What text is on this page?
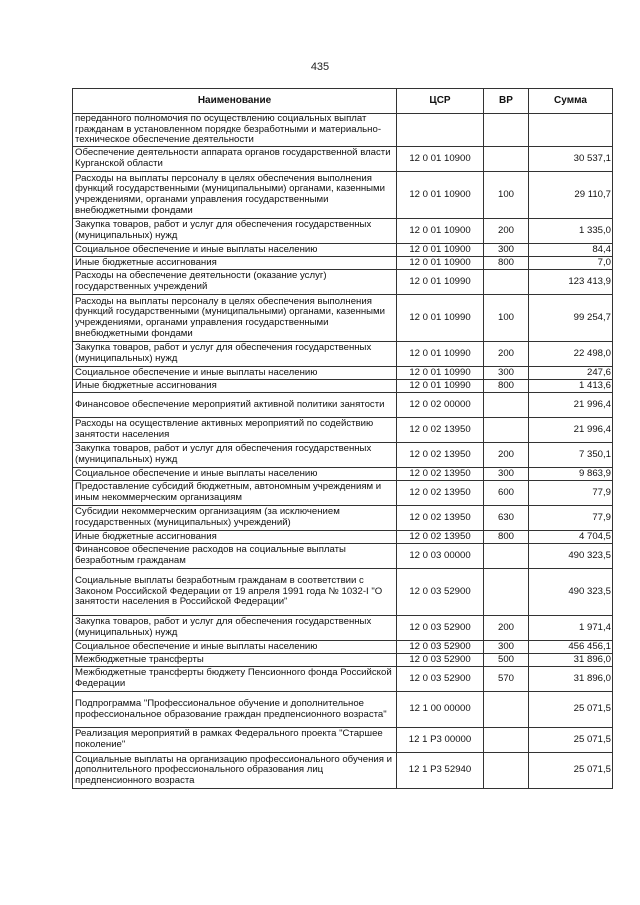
435
Наименование	ЦСР	ВР	Сумма
переданного полномочия по осуществлению социальных выплат гражданам в установленном порядке безработными и материально-техническое обеспечение деятельности			
Обеспечение деятельности аппарата органов государственной власти Курганской области	12 0 01 10900		30 537,1
Расходы на выплаты персоналу в целях обеспечения выполнения функций государственными (муниципальными) органами, казенными учреждениями, органами управления государственными внебюджетными фондами	12 0 01 10900	100	29 110,7
Закупка товаров, работ и услуг для обеспечения государственных (муниципальных) нужд	12 0 01 10900	200	1 335,0
Социальное обеспечение и иные выплаты населению	12 0 01 10900	300	84,4
Иные бюджетные ассигнования	12 0 01 10900	800	7,0
Расходы на обеспечение деятельности (оказание услуг) государственных учреждений	12 0 01 10990		123 413,9
Расходы на выплаты персоналу в целях обеспечения выполнения функций государственными (муниципальными) органами, казенными учреждениями, органами управления государственными внебюджетными фондами	12 0 01 10990	100	99 254,7
Закупка товаров, работ и услуг для обеспечения государственных (муниципальных) нужд	12 0 01 10990	200	22 498,0
Социальное обеспечение и иные выплаты населению	12 0 01 10990	300	247,6
Иные бюджетные ассигнования	12 0 01 10990	800	1 413,6
Финансовое обеспечение мероприятий активной политики занятости	12 0 02 00000		21 996,4
Расходы на осуществление активных мероприятий по содействию занятости населения	12 0 02 13950		21 996,4
Закупка товаров, работ и услуг для обеспечения государственных (муниципальных) нужд	12 0 02 13950	200	7 350,1
Социальное обеспечение и иные выплаты населению	12 0 02 13950	300	9 863,9
Предоставление субсидий бюджетным, автономным учреждениям и иным некоммерческим организациям	12 0 02 13950	600	77,9
Субсидии некоммерческим организациям (за исключением государственных (муниципальных) учреждений)	12 0 02 13950	630	77,9
Иные бюджетные ассигнования	12 0 02 13950	800	4 704,5
Финансовое обеспечение расходов на социальные выплаты безработным гражданам	12 0 03 00000		490 323,5
Социальные выплаты безработным гражданам в соответствии с Законом Российской Федерации от 19 апреля 1991 года № 1032-I "О занятости населения в Российской Федерации"	12 0 03 52900		490 323,5
Закупка товаров, работ и услуг для обеспечения государственных (муниципальных) нужд	12 0 03 52900	200	1 971,4
Социальное обеспечение и иные выплаты населению	12 0 03 52900	300	456 456,1
Межбюджетные трансферты	12 0 03 52900	500	31 896,0
Межбюджетные трансферты бюджету Пенсионного фонда Российской Федерации	12 0 03 52900	570	31 896,0
Подпрограмма "Профессиональное обучение и дополнительное профессиональное образование граждан предпенсионного возраста"	12 1 00 00000		25 071,5
Реализация мероприятий в рамках Федерального проекта "Старшее поколение"	12 1 P3 00000		25 071,5
Социальные выплаты на организацию профессионального обучения и дополнительного профессионального образования лиц предпенсионного возраста	12 1 P3 52940		25 071,5
